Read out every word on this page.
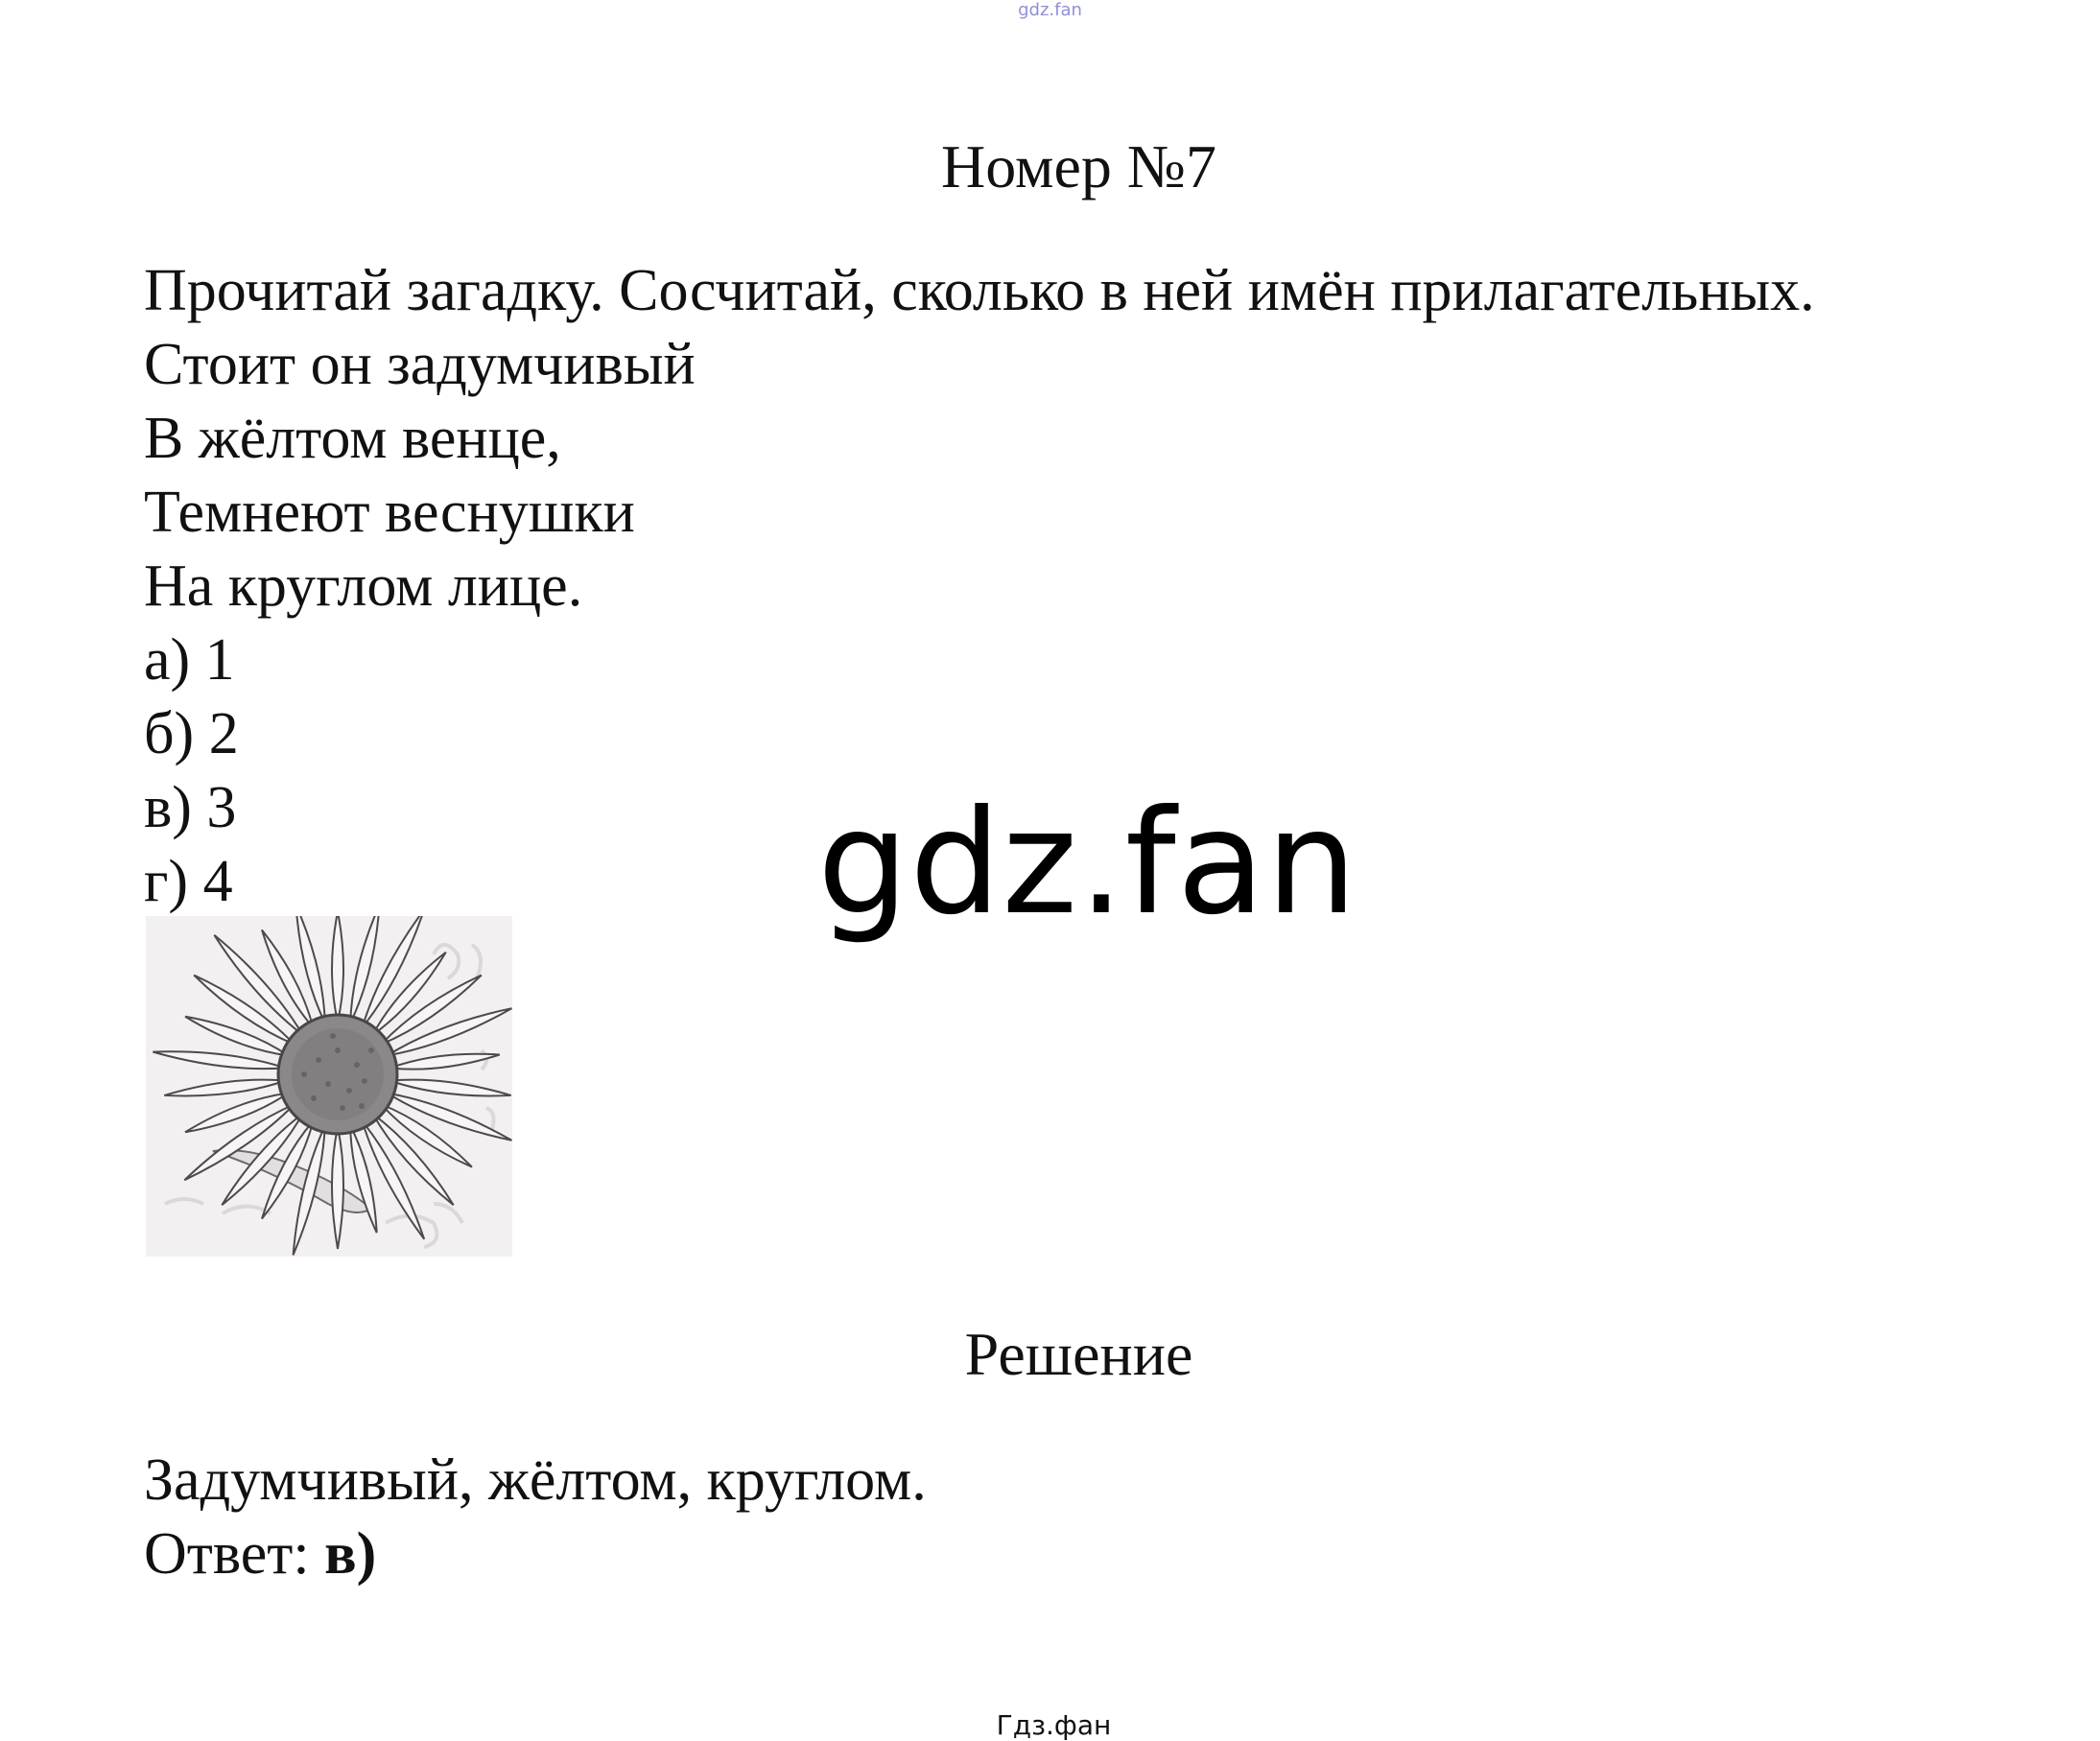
gdz.fan
Номер №7
Прочитай загадку. Сосчитай, сколько в ней имён прилагательных.
Стоит он задумчивый
В жёлтом венце,
Темнеют веснушки
На круглом лице.
а) 1
б) 2
в) 3
г) 4	gdz.fan
Решение
Задумчивый, жёлтом, круглом.
Ответ: в)
Гдз.фан
